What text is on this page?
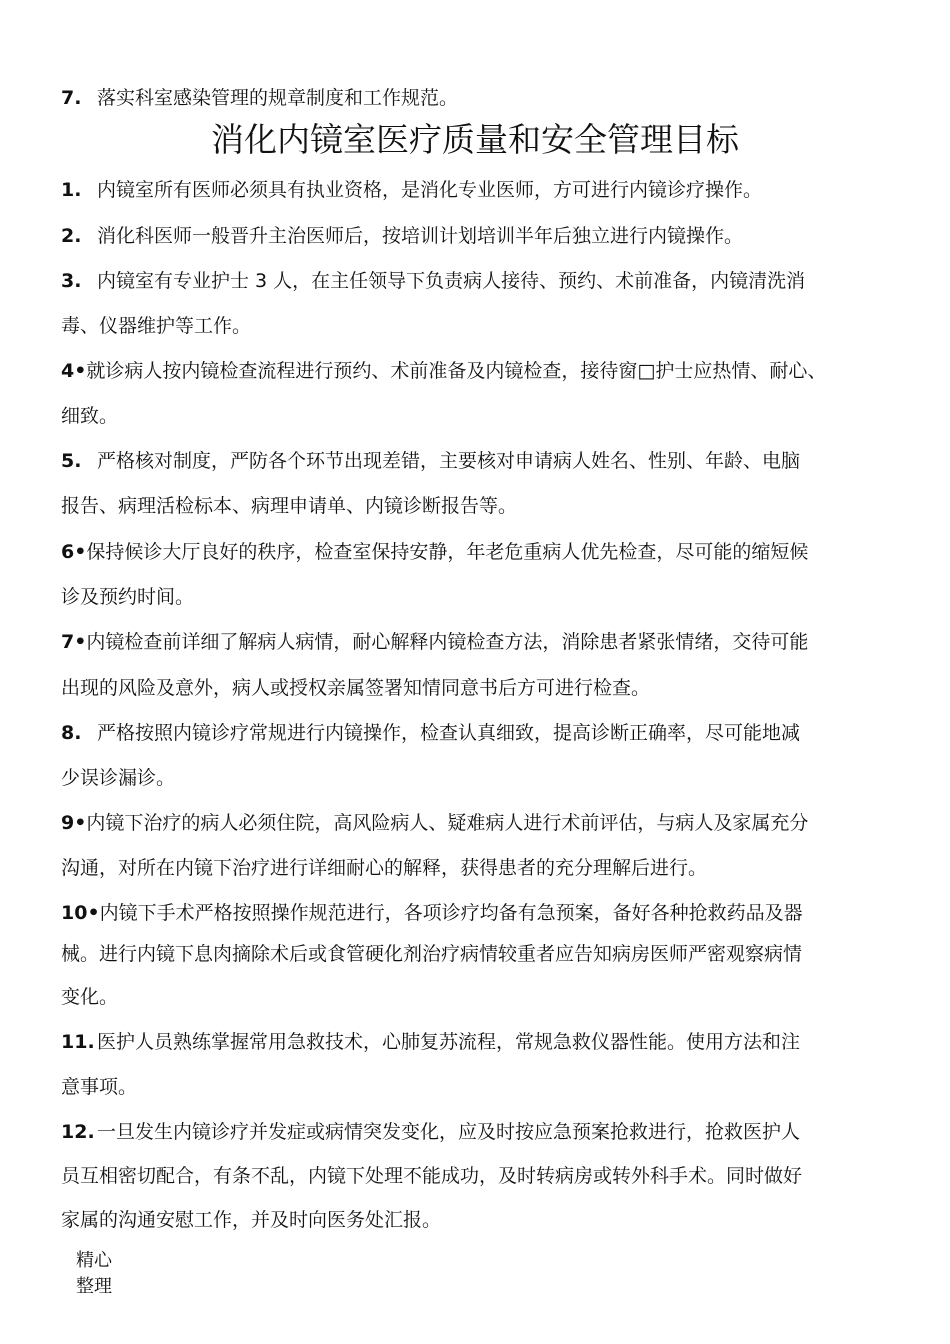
7. 落实科室感染管理的规章制度和工作规范。
消化内镜室医疗质量和安全管理目标
1. 内镜室所有医师必须具有执业资格，是消化专业医师，方可进行内镜诊疗操作。
2. 消化科医师一般晋升主治医师后，按培训计划培训半年后独立进行内镜操作。
3. 内镜室有专业护士 3 人，在主任领导下负责病人接待、预约、术前准备，内镜清洗消
毒、仪器维护等工作。
4•就诊病人按内镜检查流程进行预约、术前准备及内镜检查，接待窗□护士应热情、耐心、
细致。
5. 严格核对制度，严防各个环节出现差错，主要核对申请病人姓名、性别、年龄、电脑
报告、病理活检标本、病理申请单、内镜诊断报告等。
6•保持候诊大厅良好的秩序，检查室保持安静，年老危重病人优先检查，尽可能的缩短候
诊及预约时间。
7•内镜检查前详细了解病人病情，耐心解释内镜检查方法，消除患者紧张情绪，交待可能
出现的风险及意外，病人或授权亲属签署知情同意书后方可进行检查。
8. 严格按照内镜诊疗常规进行内镜操作，检查认真细致，提高诊断正确率，尽可能地减
少误诊漏诊。
9•内镜下治疗的病人必须住院，高风险病人、疑难病人进行术前评估，与病人及家属充分
沟通，对所在内镜下治疗进行详细耐心的解释，获得患者的充分理解后进行。
10•内镜下手术严格按照操作规范进行，各项诊疗均备有急预案，备好各种抢救药品及器
械。进行内镜下息肉摘除术后或食管硬化剂治疗病情较重者应告知病房医师严密观察病情
变化。
11. 医护人员熟练掌握常用急救技术，心肺复苏流程，常规急救仪器性能。使用方法和注
意事项。
12. 一旦发生内镜诊疗并发症或病情突发变化，应及时按应急预案抢救进行，抢救医护人
员互相密切配合，有条不乱，内镜下处理不能成功，及时转病房或转外科手术。同时做好
家属的沟通安慰工作，并及时向医务处汇报。
精心
整理
